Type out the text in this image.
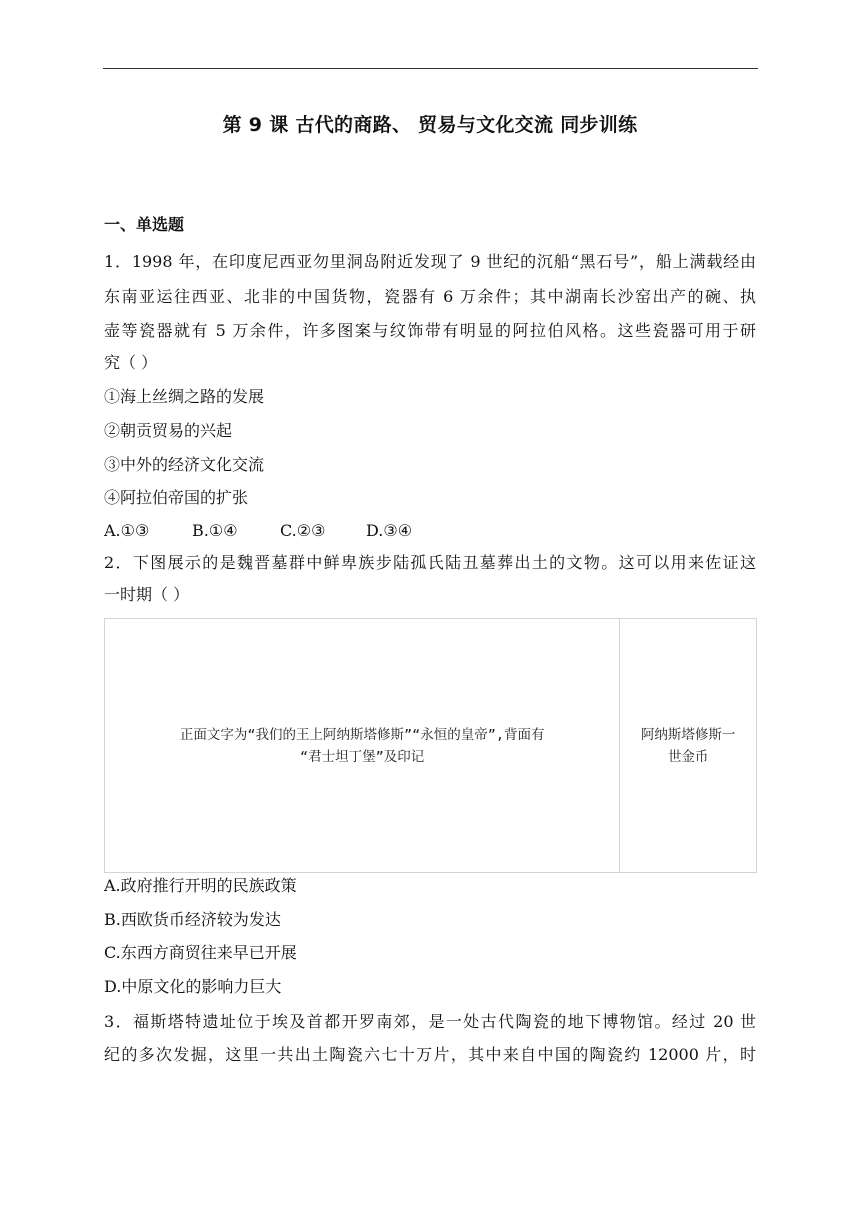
第 9 课 古代的商路、 贸易与文化交流 同步训练
一、单选题
1．1998 年，在印度尼西亚勿里洞岛附近发现了 9 世纪的沉船“黑石号”，船上满载经由
东南亚运往西亚、北非的中国货物，瓷器有 6 万余件；其中湖南长沙窑出产的碗、执
壶等瓷器就有 5 万余件，许多图案与纹饰带有明显的阿拉伯风格。这些瓷器可用于研
究（ ）
①海上丝绸之路的发展
②朝贡贸易的兴起
③中外的经济文化交流
④阿拉伯帝国的扩张
A.①③	B.①④	C.②③	D.③④
2．下图展示的是魏晋墓群中鲜卑族步陆孤氏陆丑墓葬出土的文物。这可以用来佐证这
一时期（ ）
正面文字为“我们的王上阿纳斯塔修斯”“永恒的皇帝”,背面有
“君士坦丁堡”及印记

阿纳斯塔修斯一
世金币
A.政府推行开明的民族政策
B.西欧货币经济较为发达
C.东西方商贸往来早已开展
D.中原文化的影响力巨大
3．福斯塔特遗址位于埃及首都开罗南郊，是一处古代陶瓷的地下博物馆。经过 20 世
纪的多次发掘，这里一共出土陶瓷六七十万片，其中来自中国的陶瓷约 12000 片，时
